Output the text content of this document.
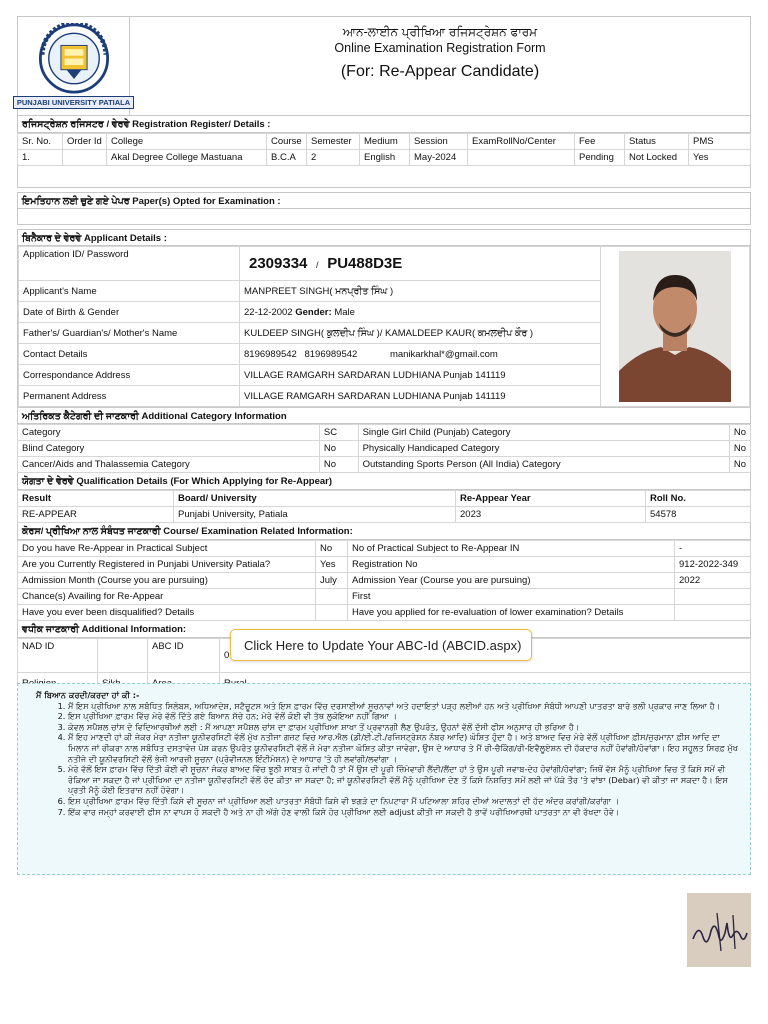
PUNJABI UNIVERSITY PATIALA
ਆਨ-ਲਾਈਨ ਪ੍ਰੀਖਿਆ ਰਜਿਸਟ੍ਰੇਸ਼ਨ ਫਾਰਮ
Online Examination Registration Form
(For: Re-Appear Candidate)
ਰਜਿਸਟ੍ਰੇਸ਼ਨ ਰਜਿਸਟਰ / ਵੇਰਵੇ Registration Register/ Details :
Sr. No.	Order Id	College	Course	Semester	Medium	Session	ExamRollNo/Center	Fee	Status	PMS
1.		Akal Degree College Mastuana	B.C.A	2	English	May-2024		Pending	Not Locked	Yes
ਇਮਤਿਹਾਨ ਲਈ ਚੁਣੇ ਗਏ ਪੇਪਰ Paper(s) Opted for Examination :
ਬਿਨੈਕਾਰ ਦੇ ਵੇਰਵੇ Applicant Details :
Application ID/ Password	2309334 / PU488D3E
Applicant's Name	MANPREET SINGH( ਮਨਪ੍ਰੀਤ ਸਿੰਘ )
Date of Birth & Gender	22-12-2002 Gender: Male
Father's/ Guardian's/ Mother's Name	KULDEEP SINGH( ਕੁਲਦੀਪ ਸਿੰਘ )/ KAMALDEEP KAUR( ਕਮਲਦੀਪ ਕੌਰ )
Contact Details	8196989542 8196989542 manikarkhal*@gmail.com
Correspondance Address	VILLAGE RAMGARH SARDARAN LUDHIANA Punjab 141119
Permanent Address	VILLAGE RAMGARH SARDARAN LUDHIANA Punjab 141119
ਅਤਿਰਿਕਤ ਕੈਟੇਗਰੀ ਦੀ ਜਾਣਕਾਰੀ Additional Category Information
Category	SC	Single Girl Child (Punjab) Category	No
Blind Category	No	Physically Handicaped Category	No
Cancer/Aids and Thalassemia Category	No	Outstanding Sports Person (All India) Category	No
ਯੋਗਤਾ ਦੇ ਵੇਰਵੇ Qualification Details (For Which Applying for Re-Appear)
Result	Board/ University	Re-Appear Year	Roll No.
RE-APPEAR	Punjabi University, Patiala	2023	54578
ਕੋਰਸ/ ਪ੍ਰੀਖਿਆ ਨਾਲ ਸੰਬੰਧਤ ਜਾਣਕਾਰੀ Course/ Examination Related Information:
Do you have Re-Appear in Practical Subject	No	No of Practical Subject to Re-Appear IN	-
Are you Currently Registered in Punjabi University Patiala?	Yes	Registration No	912-2022-349
Admission Month (Course you are pursuing)	July	Admission Year (Course you are pursuing)	2022
Chance(s) Availing for Re-Appear		First	
Have you ever been disqualified? Details		Have you applied for re-evaluation of lower examination? Details	
ਵਧੀਕ ਜਾਣਕਾਰੀ Additional Information:
NAD ID		ABC ID	0

Click Here to Update Your ABC-Id (ABCID.aspx)
ਮੈਂ ਬਿਆਨ ਕਰਦੀ/ਕਰਦਾ ਹਾਂ ਕੀ :-
1. ਮੈਂ ਇਸ ਪ੍ਰੀਖਿਆ ਨਾਲ ਸਬੰਧਿਤ ਸਿਲੇਬਸ, ਅਧਿਆਦੇਸ਼, ਸਟੈਚੂਟਸ ਅਤੇ ਇਸ ਫ਼ਾਰਮ ਵਿੱਚ ਦਰਸਾਈਆਂ ਸੂਚਨਾਵਾਂ ਅਤੇ ਹਦਾਇਤਾਂ ਪੜ੍ਹ ਲਈਆਂ ਹਨ ਅਤੇ ਪ੍ਰੀਖਿਆ ਸੰਬੰਧੀ ਆਪਣੀ ਪਾਤਰਤਾ ਬਾਰੇ ਭਲੀ ਪ੍ਰਕਾਰ ਜਾਣ ਲਿਆ ਹੈ।
2. ਇਸ ਪ੍ਰੀਖਿਆ ਫ਼ਾਰਮ ਵਿੱਚ ਮੇਰੇ ਵੱਲੋਂ ਦਿੱਤੇ ਗਏ ਬਿਆਨ ਸੱਚੇ ਹਨ; ਮੇਰੇ ਵੱਲੋਂ ਕੋਈ ਵੀ ਤੱਥ ਲੁਕੋਇਆ ਨਹੀਂ ਗਿਆ ।
3. ਕੇਵਲ ਸਪੈਸ਼ਲ ਚਾਂਸ ਦੇ ਵਿਦਿਆਰਥੀਆਂ ਲਈ : ਮੈਂ ਆਪਣਾ ਸਪੈਸ਼ਲ ਚਾਂਸ ਦਾ ਫ਼ਾਰਮ ਪ੍ਰੀਖਿਆ ਸ਼ਾਖਾ ਤੋਂ ਪ੍ਰਵਾਨਗੀ ਲੈਣ ਉਪਰੰਤ, ਉਹਨਾਂ ਵੱਲੋਂ ਦੱਸੀ ਫੀਸ ਅਨੁਸਾਰ ਹੀ ਭਰਿਆ ਹੈ।
4. ਮੈਂ ਇਹ ਮਾਣਦੀ ਹਾਂ ਕੀ ਜੇਕਰ ਮੇਰਾ ਨਤੀਜਾ ਯੂਨੀਵਰਸਿਟੀ ਵੱਲੋਂ ਮੁੱਖ ਨਤੀਜਾ ਗਜ਼ਟ ਵਿਚ ਆਰ.ਐਲ (ਡੀ/ਈ.ਟੀ./ਰਜਿਸਟ੍ਰੇਸ਼ਨ ਨੰਬਰ ਆਦਿ) ਘੋਸ਼ਿਤ ਹੁੰਦਾ ਹੈ। ਅਤੇ ਬਾਅਦ ਵਿਚ ਮੇਰੇ ਵੱਲੋਂ ਪ੍ਰੀਖਿਆ ਫ਼ੀਸ/ਜੁਰਮਾਨਾ ਫ਼ੀਸ ਆਦਿ ਦਾ ਮਿਲਾਨ ਜਾਂ ਰੀਕਰਾ ਨਾਲ ਸਬੰਧਿਤ ਦਸਤਾਵੇਜ਼ ਪੇਸ਼ ਕਰਨ ਉਪਰੰਤ ਯੂਨੀਵਰਸਿਟੀ ਵੱਲੋਂ ਜੋ ਮੇਰਾ ਨਤੀਜਾ ਘੋਸ਼ਿਤ ਕੀਤਾ ਜਾਵੇਗਾ, ਉਸ ਦੇ ਆਧਾਰ ਤੇ ਮੈਂ ਰੀ-ਚੈਕਿੰਗ/ਰੀ-ਇਵੈਲੂਏਸ਼ਨ ਦੀ ਹੱਕਦਾਰ ਨਹੀਂ ਹੋਵਾਂਗੀ/ਹੋਵਾਂਗਾ। ਇਹ ਸਹੂਲਤ ਸਿਰਫ਼ ਮੁੱਖ ਨਤੀਜੇ ਦੀ ਯੂਨੀਵਰਸਿਟੀ ਵੱਲੋਂ ਭੇਜੀ ਆਰਜ਼ੀ ਸੂਚਨਾ (ਪ੍ਰੋਵੀਜਨਲ ਇੰਟੀਮੇਸ਼ਨ) ਦੇ ਆਧਾਰ 'ਤੇ ਹੀ ਲਵਾਂਗੀ/ਲਵਾਂਗਾ ।
5. ਮੇਰੇ ਵੱਲੋਂ ਇਸ ਫ਼ਾਰਮ ਵਿੱਚ ਦਿੱਤੀ ਕੋਈ ਵੀ ਸੂਚਨਾ ਜੇਕਰ ਬਾਅਦ ਵਿੱਚ ਝੂਠੀ ਸਾਬਤ ਹੋ ਜਾਂਦੀ ਹੈ ਤਾਂ ਮੈਂ ਉਸ ਦੀ ਪੂਰੀ ਜ਼ਿੰਮੇਵਾਰੀ ਲੈਂਦੀ/ਲੈਂਦਾ ਹਾਂ ਤੇ ਉਸ ਪੂਰੀ ਜਵਾਬ-ਦੇਹ ਹੋਵਾਂਗੀ/ਹੋਵਾਂਗਾ; ਜਿਥੋਂ ਵੱਸ ਮੈਨੂੰ ਪ੍ਰੀਖਿਆ ਵਿਚ ਤੋਂ ਕਿਸੇ ਸਮੇਂ ਵੀ ਰੋਕਿਆ ਜਾ ਸਕਦਾ ਹੈ ਜਾਂ ਪ੍ਰੀਖਿਆ ਦਾ ਨਤੀਜਾ ਯੂਨੀਵਰਸਿਟੀ ਵੱਲੋਂ ਰੱਦ ਕੀਤਾ ਜਾ ਸਕਦਾ ਹੈ; ਜਾਂ ਯੂਨੀਵਰਸਿਟੀ ਵੱਲੋਂ ਮੈਨੂੰ ਪ੍ਰੀਖਿਆ ਦੇਣ ਤੋਂ ਕਿਸੇ ਨਿਸ਼ਚਿਤ ਸਮੇਂ ਲਈ ਜਾਂ ਪੱਕੇ ਤੌਰ 'ਤੇ ਵਾਂਝਾ (Debar) ਵੀ ਕੀਤਾ ਜਾ ਸਕਦਾ ਹੈ। ਇਸ ਪ੍ਰਤੀ ਮੈਨੂੰ ਕੋਈ ਇਤਰਾਜ਼ ਨਹੀਂ ਹੋਵੇਗਾ।
6. ਇਸ ਪ੍ਰੀਖਿਆ ਫ਼ਾਰਮ ਵਿੱਚ ਦਿੱਤੀ ਕਿਸੇ ਵੀ ਸੂਚਨਾ ਜਾਂ ਪ੍ਰੀਖਿਆ ਲਈ ਪਾਤਰਤਾ ਸੰਬੰਧੀ ਕਿਸੇ ਵੀ ਝਗੜੇ ਦਾ ਨਿਪਟਾਰਾ ਮੈਂ ਪਟਿਆਲਾ ਸ਼ਹਿਰ ਦੀਆਂ ਅਦਾਲਤਾਂ ਦੀ ਹੱਦ ਅੰਦਰ ਕਰਾਂਗੀ/ਕਰਾਂਗਾ ।
7. ਇੱਕ ਵਾਰ ਜਮ੍ਹਾਂ ਕਰਵਾਈ ਫੀਸ ਨਾ ਵਾਪਸ ਹੋ ਸਕਦੀ ਹੈ ਅਤੇ ਨਾ ਹੀ ਅੱਗੇ ਹੋਣ ਵਾਲੀ ਕਿਸੇ ਹੋਰ ਪ੍ਰੀਖਿਆ ਲਈ adjust ਕੀਤੀ ਜਾ ਸਕਦੀ ਹੈ ਭਾਵੇਂ ਪਰੀਖਿਆਰਥੀ ਪਾਤਰਤਾ ਨਾ ਵੀ ਰੱਖਦਾ ਹੋਵੇ।
